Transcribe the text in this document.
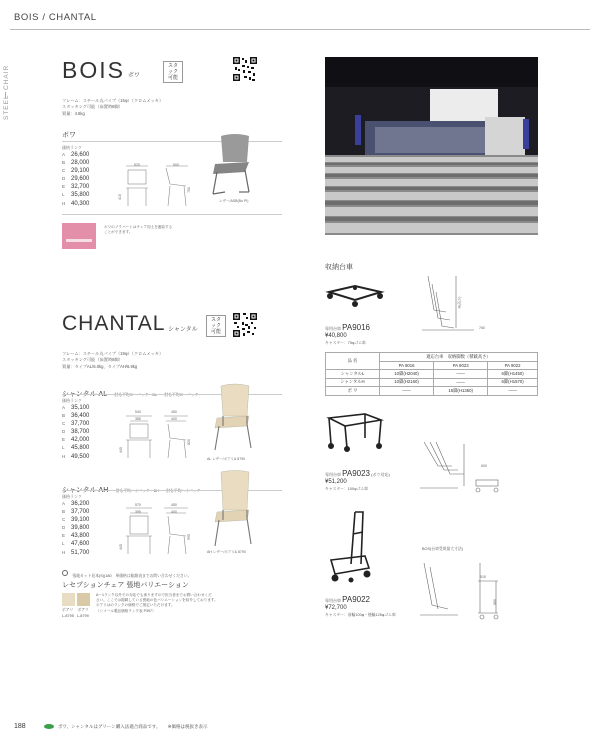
BOIS / CHANTAL
CHAIR
STEEL
BOIS ボワ
スタック
可能
フレーム：スチール丸パイプ（15φ）（クロムメッキ）
スタッキング可能（床置時8脚）
質量：4.6kg
ボワ
価格ランク
A 26,600
B 28,000
C 29,100
D 29,600
E 32,700
L 35,800
H 40,300
520
415
500
750
レザー/ASB(Bo PI)
ボワのブラバートはチェア同士を連結する
ことができます。
CHANTAL シャンタル
スタック
可能
フレーム：スチール丸パイプ（19φ）（クロムメッキ）
スタッキング可能（床置時8脚）
質量：タイプAL/6.0kg、タイプAH/6.9kg
シャンタル AL 肘も平均ローバック・BL 肘も平均ローバック
価格ランク
A 35,100
B 36,400
C 37,700
D 38,700
E 42,000
L 45,800
H 49,500
540
385
445
450
400
820
AL レザー/ポアリ& 8790
シャンタル AH 肘も平均ハイバック・BH 肘も平均ハイバック
価格ランク
A 36,200
B 37,700
C 39,100
D 39,800
E 43,800
L 47,600
H 51,700
570
395
445
450
400
995
AH レザー/ポアリ& 8790
張地カット見本(S)(180　単価格は総額表までお問い合わせください。
レセプションチェア 張地バリエーション
ボアリ ボアリ
L-8795 L-8799
Aー1ランク以外での対応でも承りますので担当者までお問い合わせくだ
さい。ここでは掲載している張地の色バリエーションを紹介しております。
ボアリはのランクの価格でご指定いただけます。
（シコール製品価格ランク表 P397）
収納台車
H(高さ)
760
専用台車 PA9016
¥40,800
キャスター：75φゴム車
品 名	適応台車　収納脚数（積載高さ）		
	PA 9016	PA 9023	PA 9022
シャンタルL	10脚(H2040)	——	6脚(H1450)
シャンタルH	10脚(H2160)	——	6脚(H1570)
ボ ワ	——	15脚(H1360)	——
600
専用台車 PA9023 (ボウ対応)
¥51,200
キャスター：100φゴム車
BOS(台車受荷最大寸法)
515
880
専用台車 PA9022
¥72,700
キャスター：前輪100φ・後輪125φゴム車
188	ボワ、シャンタルはグリーン購入法適合商品です。 ※価格は税抜き表示
